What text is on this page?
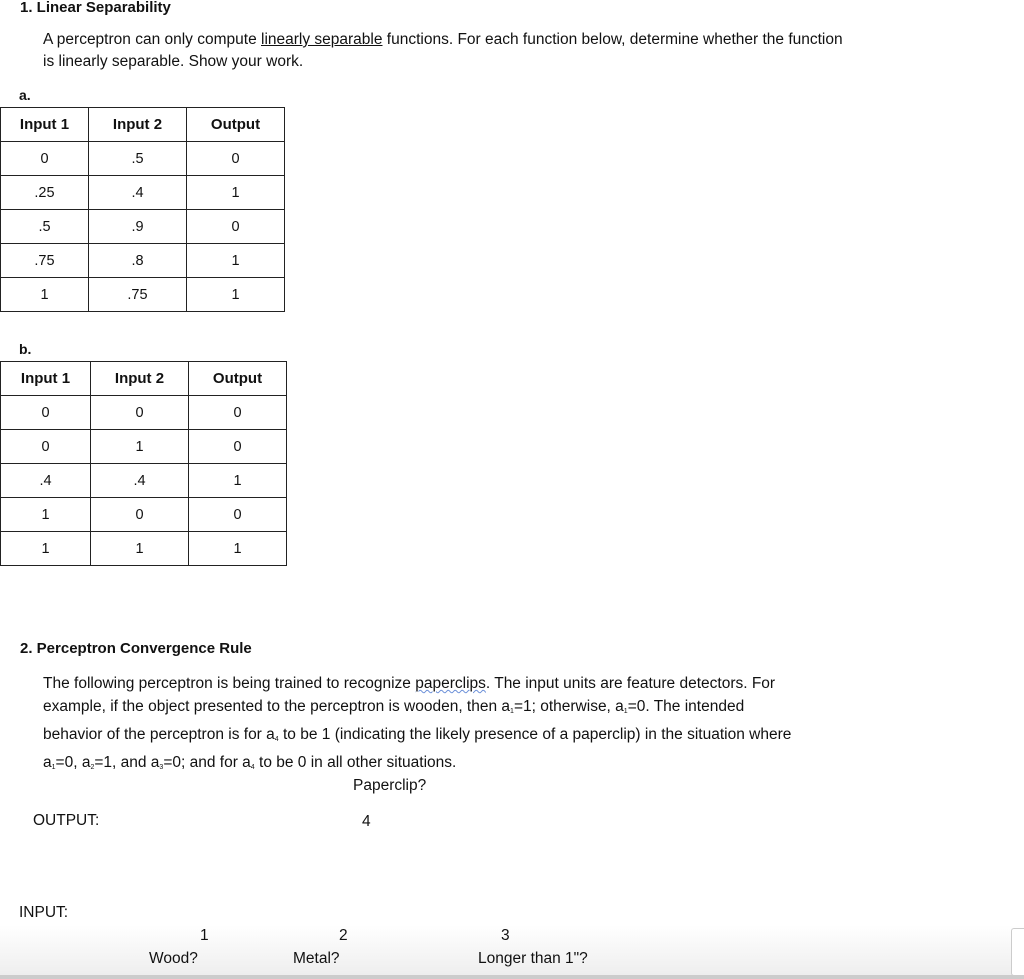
1. Linear Separability
A perceptron can only compute linearly separable functions. For each function below, determine whether the function
is linearly separable. Show your work.
a.
Input 1	Input 2	Output
0	.5	0
.25	.4	1
.5	.9	0
.75	.8	1
1	.75	1
b.
Input 1	Input 2	Output
0	0	0
0	1	0
.4	.4	1
1	0	0
1	1	1
2. Perceptron Convergence Rule
The following perceptron is being trained to recognize paperclips. The input units are feature detectors. For
example, if the object presented to the perceptron is wooden, then $a_1=1$; otherwise, $a_1=0$. The intended
behavior of the perceptron is for $a_4$ to be 1 (indicating the likely presence of a paperclip) in the situation where
$a_1=0$, $a_2=1$, and $a_3=0$; and for $a_4$ to be 0 in all other situations.
Paperclip?
OUTPUT:	4
INPUT:
1
Wood?
2
Metal?
3
Longer than 1"?
